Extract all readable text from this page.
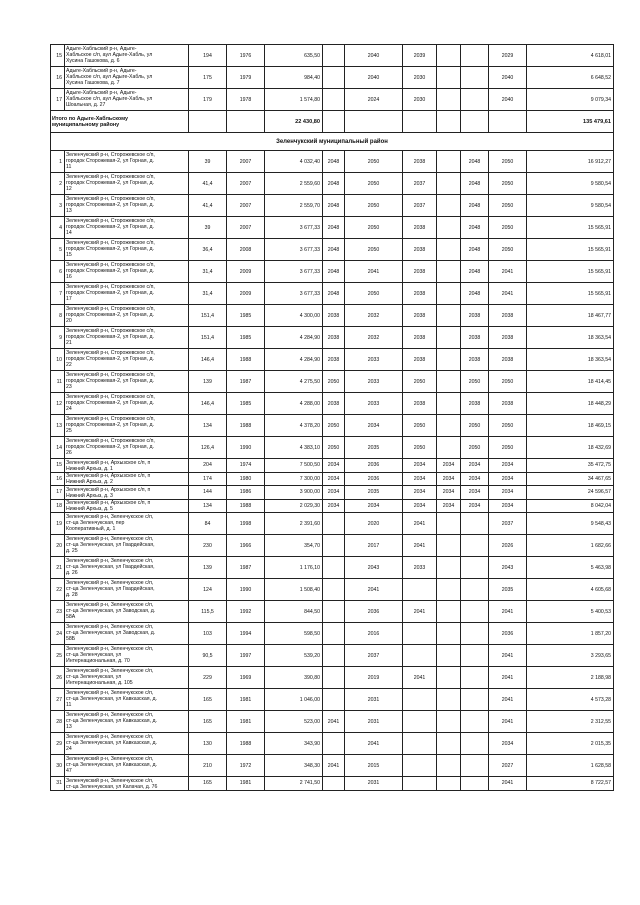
15	Адыге-Хабльский р-н, Адыге-
Хабльское с/п, аул Адыге-Хабль, ул
Хусина Гашокова, д. 6	194	1976	635,50		2040	2039			2029	4 618,01
16	Адыге-Хабльский р-н, Адыге-
Хабльское с/п, аул Адыге-Хабль, ул
Хусина Гашокова, д. 7	175	1979	984,40		2040	2030			2040	6 648,52
17	Адыге-Хабльский р-н, Адыге-
Хабльское с/п, аул Адыге-Хабль, ул
Шоальная, д. 27	179	1978	1 574,80		2024	2030			2040	9 079,34
Итого по Адыге-Хабльскому
муниципальному району				22 430,80							135 479,61
Зеленчукский муниципальный район											
1	Зеленчукский р-н, Сторожевское с/п,
городок Сторожевая-2, ул Горная, д.
11	39	2007	4 032,40	2048	2050	2038		2048	2050	16 912,27
2	Зеленчукский р-н, Сторожевское с/п,
городок Сторожевая-2, ул Горная, д.
12	41,4	2007	2 559,60	2048	2050	2037		2048	2050	9 580,54
3	Зеленчукский р-н, Сторожевское с/п,
городок Сторожевая-2, ул Горная, д.
13	41,4	2007	2 559,70	2048	2050	2037		2048	2050	9 580,54
4	Зеленчукский р-н, Сторожевское с/п,
городок Сторожевая-2, ул Горная, д.
14	39	2007	3 677,33	2048	2050	2038		2048	2050	15 565,91
5	Зеленчукский р-н, Сторожевское с/п,
городок Сторожевая-2, ул Горная, д.
15	36,4	2008	3 677,33	2048	2050	2038		2048	2050	15 565,91
6	Зеленчукский р-н, Сторожевское с/п,
городок Сторожевая-2, ул Горная, д.
16	31,4	2009	3 677,33	2048	2041	2038		2048	2041	15 565,91
7	Зеленчукский р-н, Сторожевское с/п,
городок Сторожевая-2, ул Горная, д.
17	31,4	2009	3 677,33	2048	2050	2038		2048	2041	15 565,91
8	Зеленчукский р-н, Сторожевское с/п,
городок Сторожевая-2, ул Горная, д.
20	151,4	1985	4 300,00	2038	2032	2038		2038	2038	18 467,77
9	Зеленчукский р-н, Сторожевское с/п,
городок Сторожевая-2, ул Горная, д.
21	151,4	1985	4 284,90	2038	2032	2038		2038	2038	18 363,54
10	Зеленчукский р-н, Сторожевское с/п,
городок Сторожевая-2, ул Горная, д.
22	146,4	1988	4 284,90	2038	2033	2038		2038	2038	18 363,54
11	Зеленчукский р-н, Сторожевское с/п,
городок Сторожевая-2, ул Горная, д.
23	139	1987	4 275,50	2050	2033	2050		2050	2050	18 414,45
12	Зеленчукский р-н, Сторожевское с/п,
городок Сторожевая-2, ул Горная, д.
24	146,4	1985	4 288,00	2038	2033	2038		2038	2038	18 448,29
13	Зеленчукский р-н, Сторожевское с/п,
городок Сторожевая-2, ул Горная, д.
25	134	1988	4 378,20	2050	2034	2050		2050	2050	18 469,15
14	Зеленчукский р-н, Сторожевское с/п,
городок Сторожевая-2, ул Горная, д.
26	126,4	1990	4 383,10	2050	2035	2050		2050	2050	18 432,69
15	Зеленчукский р-н, Архызское с/п, п
Нижний Архыз, д. 1	204	1974	7 500,50	2034	2036	2034	2034	2034	2034	35 472,75
16	Зеленчукский р-н, Архызское с/п, п
Нижний Архыз, д. 2	174	1980	7 300,00	2034	2036	2034	2034	2034	2034	34 467,65
17	Зеленчукский р-н, Архызское с/п, п
Нижний Архыз, д. 3	144	1986	3 900,00	2034	2035	2034	2034	2034	2034	24 596,57
18	Зеленчукский р-н, Архызское с/п, п
Нижний Архыз, д. 5	134	1988	2 029,30	2034	2034	2034	2034	2034	2034	8 042,04
19	Зеленчукский р-н, Зеленчукское с/п,
ст-ца Зеленчукская, пер
Кооперативный, д. 1	84	1998	2 391,60		2020	2041			2037	9 548,43
20	Зеленчукский р-н, Зеленчукское с/п,
ст-ца Зеленчукская, ул Гвардейская,
д. 25	230	1966	354,70		2017	2041			2026	1 682,66
21	Зеленчукский р-н, Зеленчукское с/п,
ст-ца Зеленчукская, ул Гвардейская,
д. 26	139	1987	1 176,10		2043	2033			2043	5 463,98
22	Зеленчукский р-н, Зеленчукское с/п,
ст-ца Зеленчукская, ул Гвардейская,
д. 28	124	1990	1 508,40		2041				2035	4 605,68
23	Зеленчукский р-н, Зеленчукское с/п,
ст-ца Зеленчукская, ул Заводская, д.
58А	115,5	1992	844,50		2036	2041			2041	5 400,53
24	Зеленчукский р-н, Зеленчукское с/п,
ст-ца Зеленчукская, ул Заводская, д.
58Б	103	1994	598,50		2016				2036	1 857,20
25	Зеленчукский р-н, Зеленчукское с/п,
ст-ца Зеленчукская, ул
Интернациональная, д. 70	90,5	1997	539,20		2037				2041	3 293,65
26	Зеленчукский р-н, Зеленчукское с/п,
ст-ца Зеленчукская, ул
Интернациональная, д. 105	229	1969	390,80		2019	2041			2041	2 188,98
27	Зеленчукский р-н, Зеленчукское с/п,
ст-ца Зеленчукская, ул Кавказская, д.
11	165	1981	1 046,00		2031				2041	4 573,28
28	Зеленчукский р-н, Зеленчукское с/п,
ст-ца Зеленчукская, ул Кавказская, д.
13	165	1981	523,00	2041	2031				2041	2 312,55
29	Зеленчукский р-н, Зеленчукское с/п,
ст-ца Зеленчукская, ул Кавказская, д.
24	130	1988	343,90		2041				2034	2 015,35
30	Зеленчукский р-н, Зеленчукское с/п,
ст-ца Зеленчукская, ул Кавказская, д.
47	210	1972	348,30	2041	2015				2027	1 628,58
31	Зеленчукский р-н, Зеленчукское с/п,
ст-ца Зеленчукская, ул Калачая, д. 76	165	1981	2 741,50		2031				2041	8 722,57
